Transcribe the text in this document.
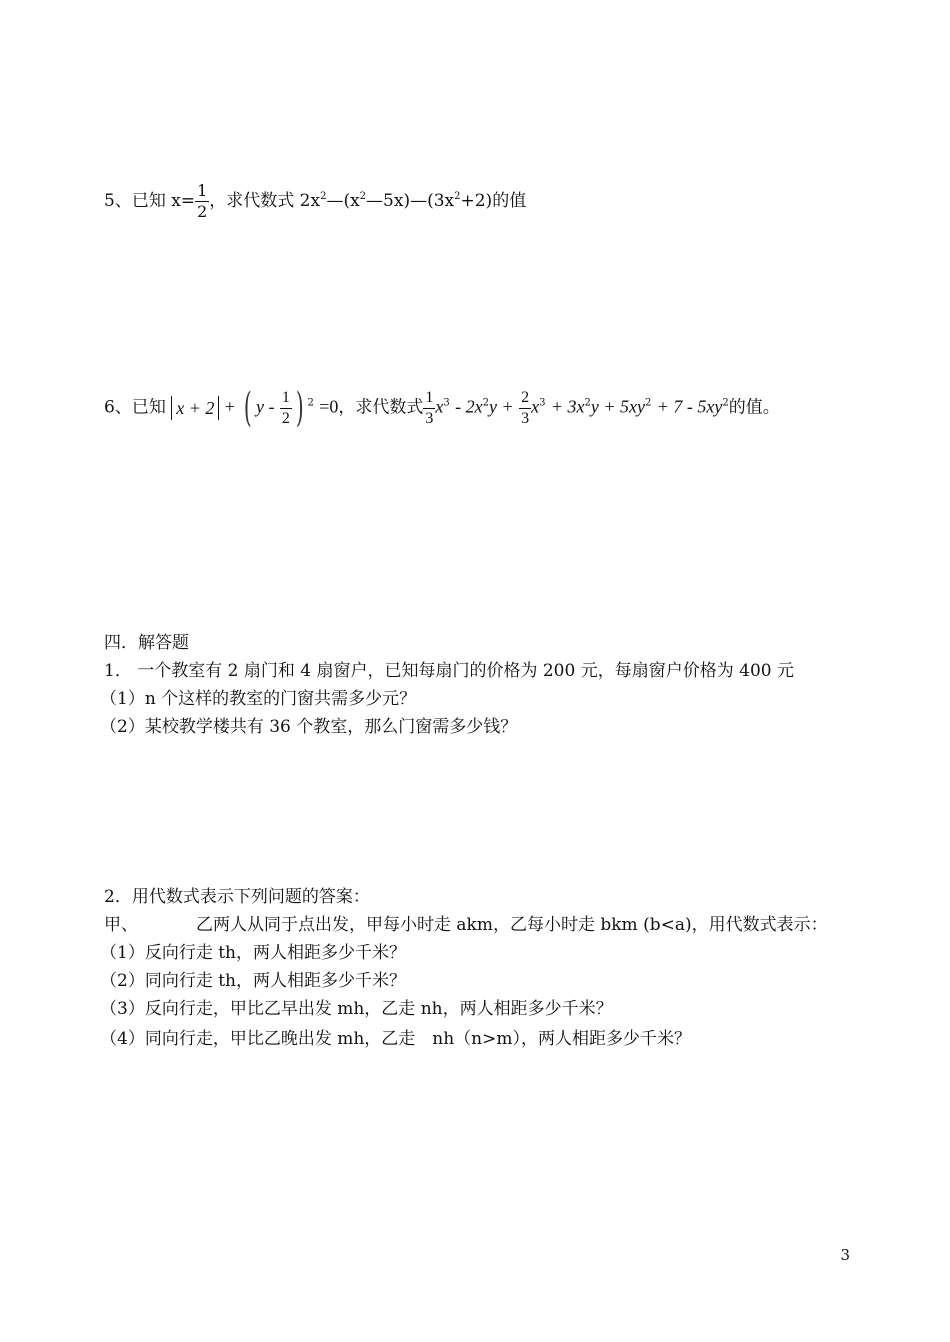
5、已知 $x= \frac{1}{2}$ ，求代数式 $2x^2—(x^2—5x)—(3x^2+2)$的值
6、已知 x + 2 + ( y - $\frac{1}{2}$ ) $^2$ =0，求代数式 $\frac{1}{3} x^3 - 2x^2y + \frac{2}{3} x^3 + 3x^2y + 5xy^2 + 7 - 5xy^2$的值。
四．解答题
1． 一个教室有 2 扇门和 4 扇窗户，已知每扇门的价格为 200 元，每扇窗户价格为 400 元
（1）n 个这样的教室的门窗共需多少元？
（2）某校教学楼共有 36 个教室，那么门窗需多少钱？
2．用代数式表示下列问题的答案：
甲、	乙两人从同于点出发，甲每小时走 akm，乙每小时走 bkm (b<a)，用代数式表示：
（1）反向行走 th，两人相距多少千米？
（2）同向行走 th，两人相距多少千米？
（3）反向行走，甲比乙早出发 mh，乙走 nh，两人相距多少千米？
（4）同向行走，甲比乙晚出发 mh，乙走　nh（n>m），两人相距多少千米？
3
